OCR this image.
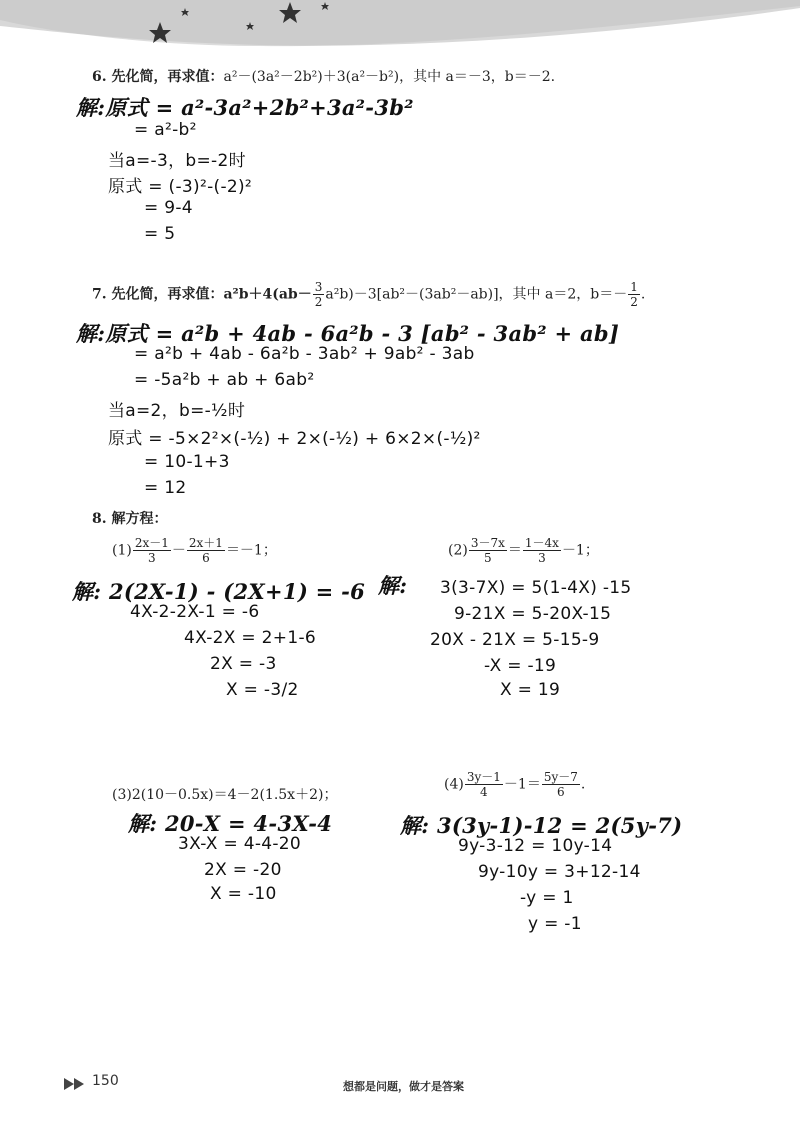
6. 先化简，再求值：a²－(3a²－2b²)＋3(a²－b²)，其中 a＝－3，b＝－2.
解:原式 = a²-3a²+2b²+3a²-3b²
= a²-b²
当a=-3，b=-2时
原式 = (-3)²-(-2)²
= 9-4
= 5
7. 先化简，再求值：$a^2b+4(ab- \frac{3}{2} a^2b)-3[ab^2-(3ab^2-ab)]$，其中 a＝2，$b=- \frac{1}{2}$ .
解:原式 = a²b + 4ab - 6a²b - 3 [ab² - 3ab² + ab]
= a²b + 4ab - 6a²b - 3ab² + 9ab² - 3ab
= -5a²b + ab + 6ab²
当a=2，b=-½时
原式 = -5×2²×(-½) + 2×(-½) + 6×2×(-½)²
= 10-1+3
= 12
8. 解方程：
$(1) \frac{2x-1}{3} - \frac{2x+1}{6} =-1$；
解: 2(2X-1) - (2X+1) = -6
4X-2-2X-1 = -6
4X-2X = 2+1-6
2X = -3
X = -3/2
$(2) \frac{3-7x}{5} = \frac{1-4x}{3} -1$；
解: 3(3-7X) = 5(1-4X) -15
9-21X = 5-20X-15
20X - 21X = 5-15-9
-X = -19
X = 19
(3)2(10－0.5x)＝4－2(1.5x＋2)；
解: 20-X = 4-3X-4
3X-X = 4-4-20
2X = -20
X = -10
$(4) \frac{3y-1}{4} -1= \frac{5y-7}{6}$ .
解: 3(3y-1)-12 = 2(5y-7)
9y-3-12 = 10y-14
9y-10y = 3+12-14
-y = 1
y = -1
150	想都是问题，做才是答案
